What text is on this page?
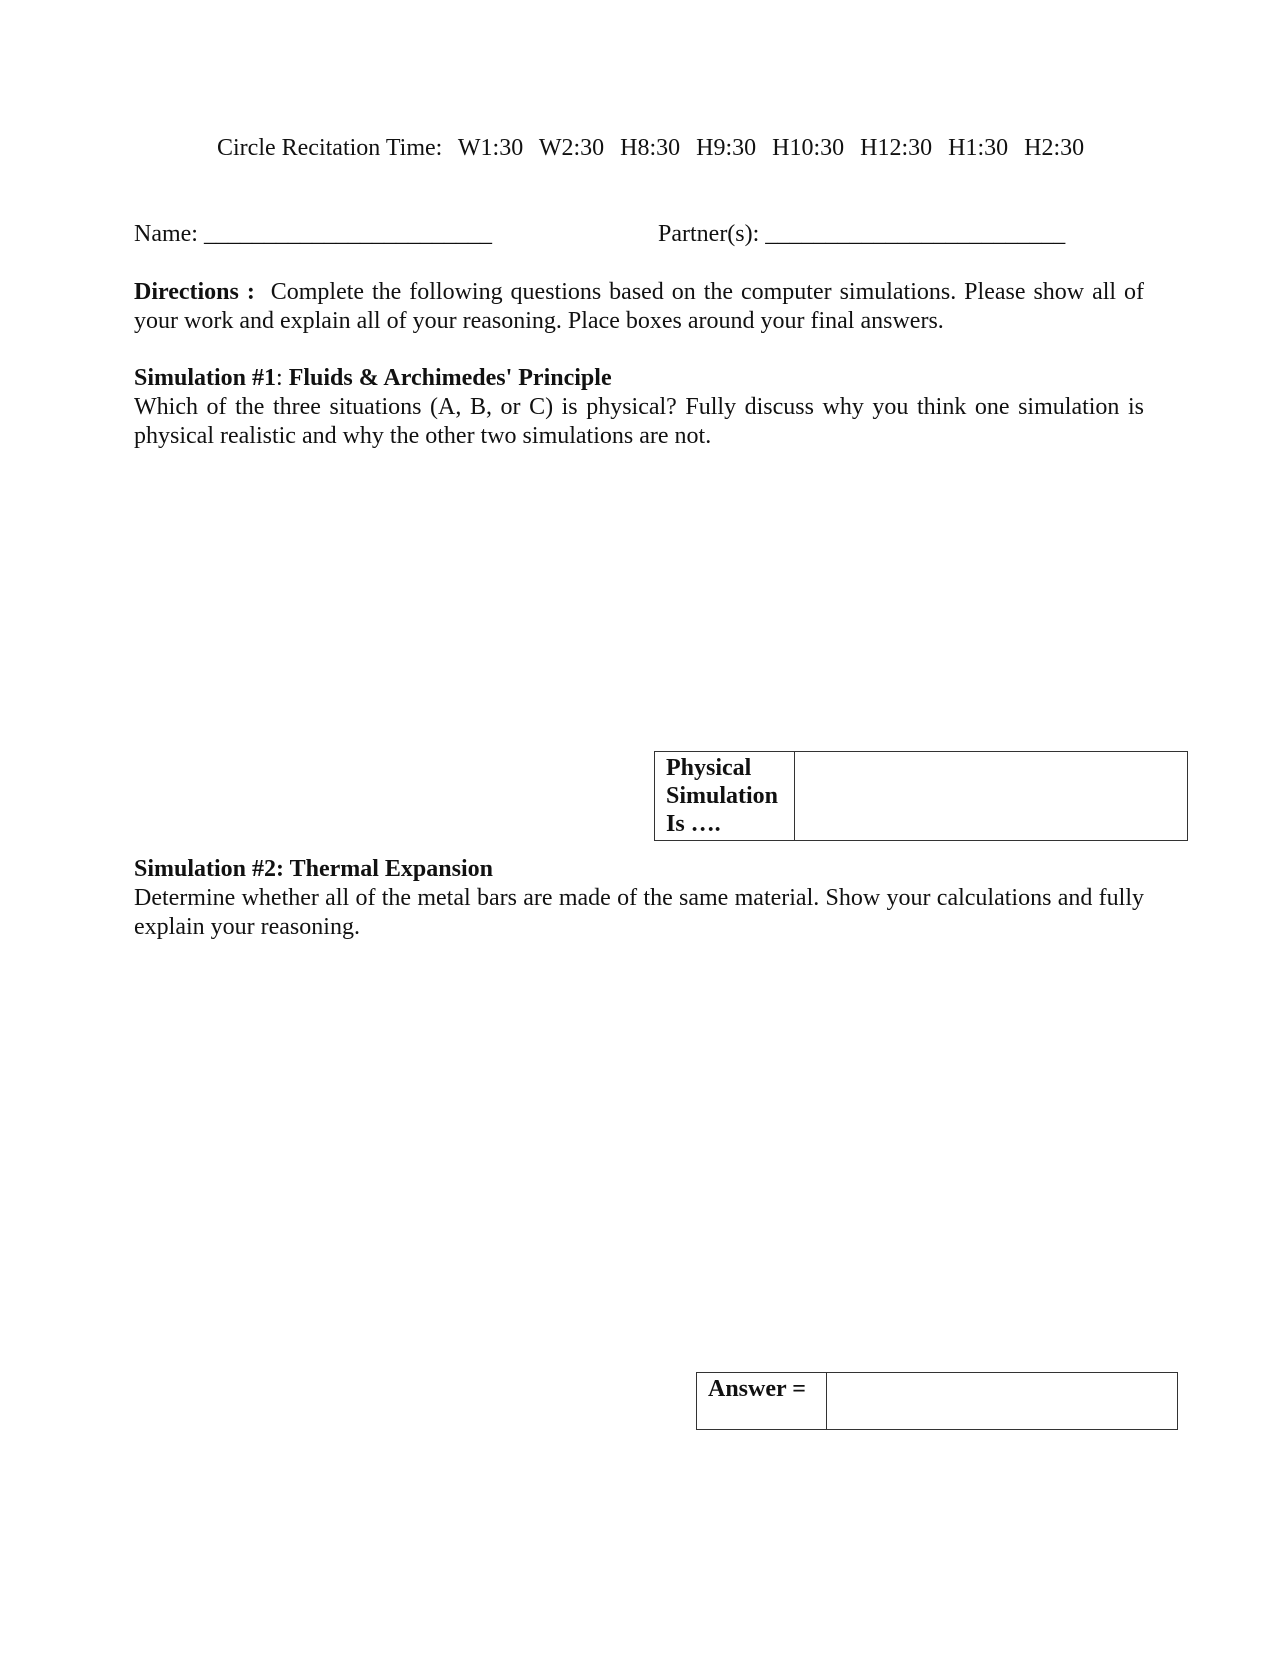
Circle Recitation Time: W1:30 W2:30 H8:30 H9:30 H10:30 H12:30 H1:30 H2:30
Name: ________________________	Partner(s): _________________________
Directions : Complete the following questions based on the computer simulations. Please show all of your work and explain all of your reasoning. Place boxes around your final answers.
Simulation #1: Fluids & Archimedes' Principle
Which of the three situations (A, B, or C) is physical? Fully discuss why you think one simulation is physical realistic and why the other two simulations are not.
Physical Simulation Is ….	
Simulation #2: Thermal Expansion
Determine whether all of the metal bars are made of the same material. Show your calculations and fully explain your reasoning.
Answer =	
